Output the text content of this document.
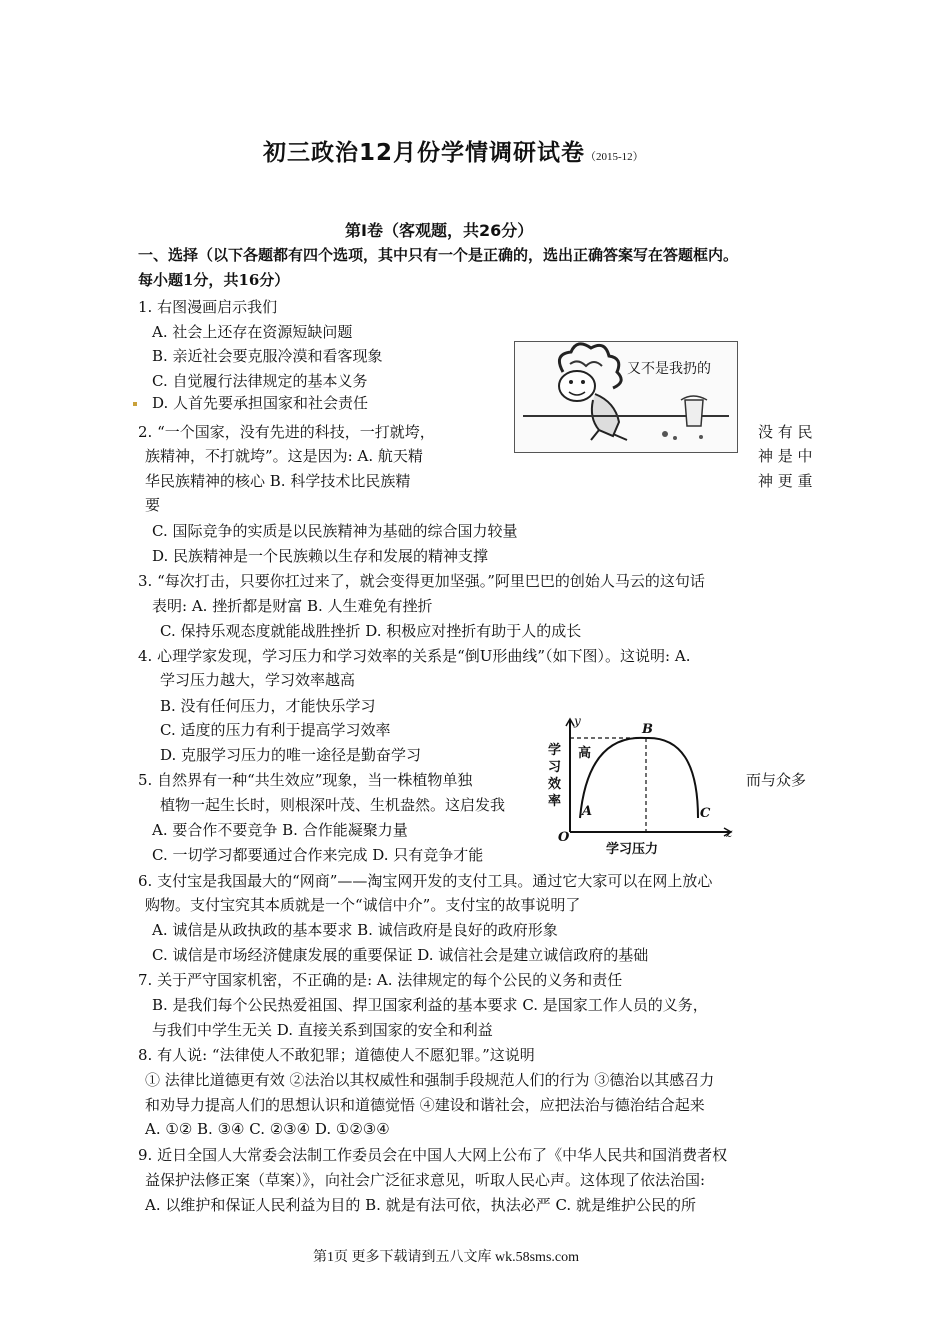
初三政治12月份学情调研试卷（2015-12）
第Ⅰ卷（客观题，共26分）
一、选择（以下各题都有四个选项，其中只有一个是正确的，选出正确答案写在答题框内。
每小题1分，共16分）
1. 右图漫画启示我们
A. 社会上还存在资源短缺问题
B. 亲近社会要克服冷漠和看客现象
C. 自觉履行法律规定的基本义务
D. 人首先要承担国家和社会责任
又不是我扔的
2. “一个国家，没有先进的科技，一打就垮，	没 有 民
族精神，不打就垮”。这是因为: A. 航天精	神 是 中
华民族精神的核心 B. 科学技术比民族精	神 更 重
要
C. 国际竞争的实质是以民族精神为基础的综合国力较量
D. 民族精神是一个民族赖以生存和发展的精神支撑
3. “每次打击，只要你扛过来了，就会变得更加坚强。”阿里巴巴的创始人马云的这句话
表明: A. 挫折都是财富 B. 人生难免有挫折
C. 保持乐观态度就能战胜挫折 D. 积极应对挫折有助于人的成长
4. 心理学家发现，学习压力和学习效率的关系是“倒U形曲线”（如下图）。这说明: A.
学习压力越大，学习效率越高
B. 没有任何压力，才能快乐学习
C. 适度的压力有利于提高学习效率
D. 克服学习压力的唯一途径是勤奋学习
y
z
O
学习效率
学习压力
高
B
A	C
5. 自然界有一种“共生效应”现象，当一株植物单独	而与众多
植物一起生长时，则根深叶茂、生机盎然。这启发我
A. 要合作不要竞争 B. 合作能凝聚力量
C. 一切学习都要通过合作来完成 D. 只有竞争才能
6. 支付宝是我国最大的“网商”——淘宝网开发的支付工具。通过它大家可以在网上放心
购物。支付宝究其本质就是一个“诚信中介”。支付宝的故事说明了
A. 诚信是从政执政的基本要求 B. 诚信政府是良好的政府形象
C. 诚信是市场经济健康发展的重要保证 D. 诚信社会是建立诚信政府的基础
7. 关于严守国家机密，不正确的是: A. 法律规定的每个公民的义务和责任
B. 是我们每个公民热爱祖国、捍卫国家利益的基本要求 C. 是国家工作人员的义务，
与我们中学生无关 D. 直接关系到国家的安全和利益
8. 有人说: “法律使人不敢犯罪；道德使人不愿犯罪。”这说明
① 法律比道德更有效 ②法治以其权威性和强制手段规范人们的行为 ③德治以其感召力
和劝导力提高人们的思想认识和道德觉悟 ④建设和谐社会，应把法治与德治结合起来
A. ①② B. ③④ C. ②③④ D. ①②③④
9. 近日全国人大常委会法制工作委员会在中国人大网上公布了《中华人民共和国消费者权
益保护法修正案（草案）》，向社会广泛征求意见，听取人民心声。这体现了依法治国:
A. 以维护和保证人民利益为目的 B. 就是有法可依，执法必严 C. 就是维护公民的所
第1页 更多下载请到五八文库 wk.58sms.com
